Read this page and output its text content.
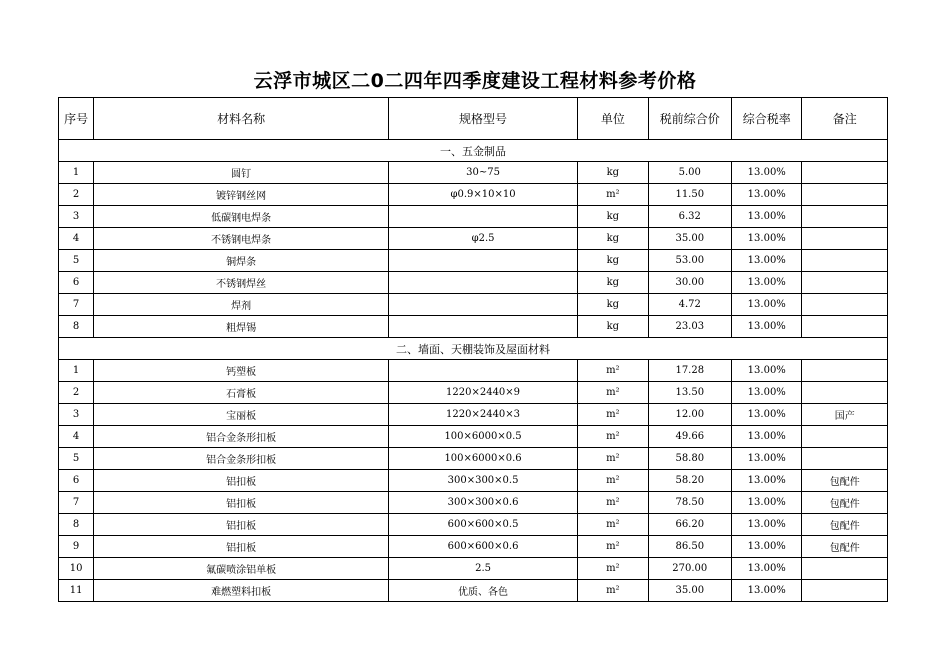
云浮市城区二0二四年四季度建设工程材料参考价格
序号	材料名称	规格型号	单位	税前综合价	综合税率	备注
一、五金制品						
1	圆钉	30~75	kg	5.00	13.00%	
2	镀锌钢丝网	φ0.9×10×10	m²	11.50	13.00%	
3	低碳钢电焊条		kg	6.32	13.00%	
4	不锈钢电焊条	φ2.5	kg	35.00	13.00%	
5	铜焊条		kg	53.00	13.00%	
6	不锈钢焊丝		kg	30.00	13.00%	
7	焊剂		kg	4.72	13.00%	
8	粗焊锡		kg	23.03	13.00%	
二、墙面、天棚装饰及屋面材料						
1	钙塑板		m²	17.28	13.00%	
2	石膏板	1220×2440×9	m²	13.50	13.00%	
3	宝丽板	1220×2440×3	m²	12.00	13.00%	国产
4	铝合金条形扣板	100×6000×0.5	m²	49.66	13.00%	
5	铝合金条形扣板	100×6000×0.6	m²	58.80	13.00%	
6	铝扣板	300×300×0.5	m²	58.20	13.00%	包配件
7	铝扣板	300×300×0.6	m²	78.50	13.00%	包配件
8	铝扣板	600×600×0.5	m²	66.20	13.00%	包配件
9	铝扣板	600×600×0.6	m²	86.50	13.00%	包配件
10	氟碳喷涂铝单板	2.5	m²	270.00	13.00%	
11	难燃塑料扣板	优质、各色	m²	35.00	13.00%	
